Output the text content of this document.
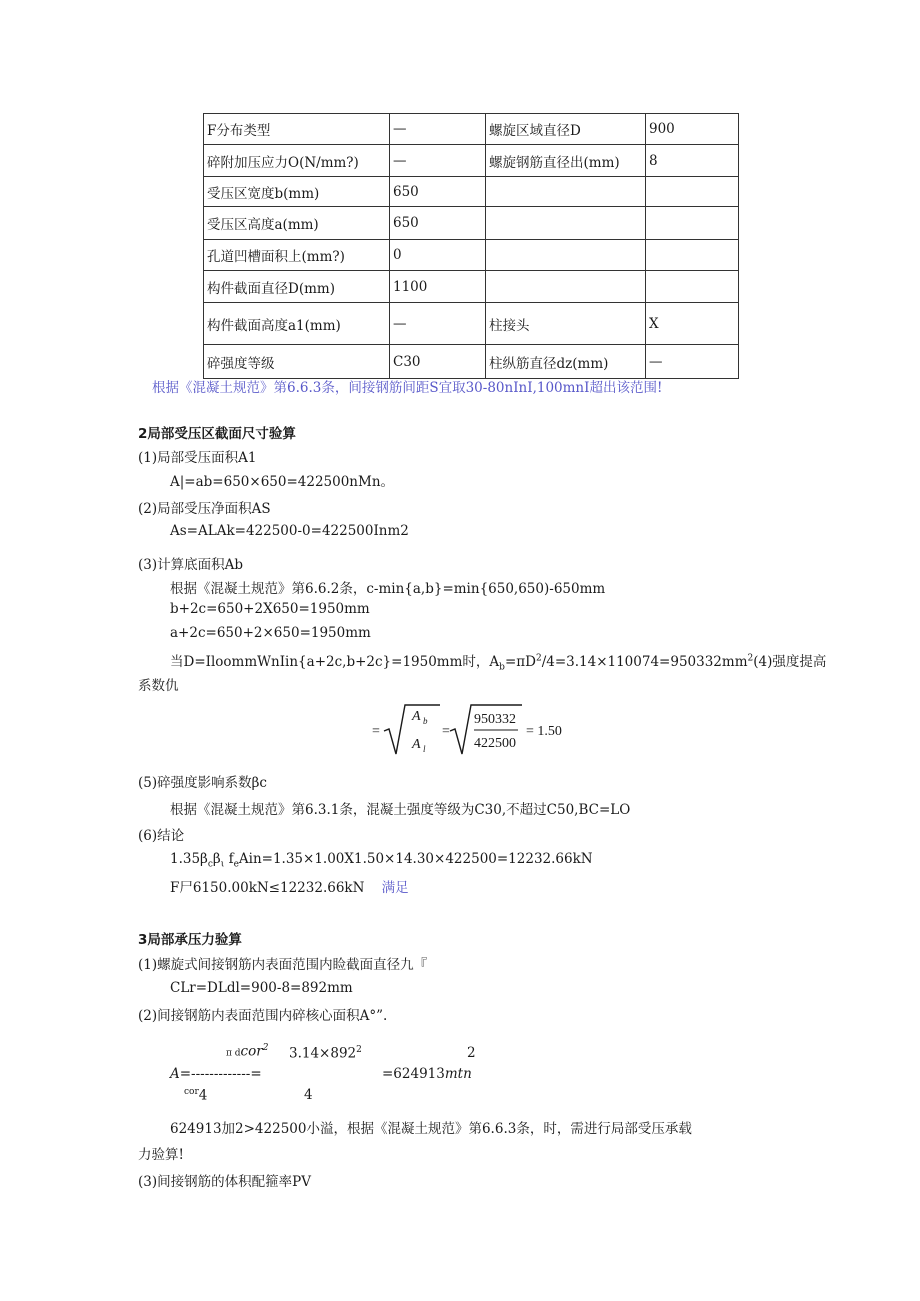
F分布类型	—	螺旋区域直径D	900
碎附加压应力O(N/mm?)	—	螺旋钢筋直径出(mm)	8
受压区宽度b(mm)	650		
受压区高度a(mm)	650		
孔道凹槽面积上(mm?)	0		
构件截面直径D(mm)	1100		
构件截面高度a1(mm)	—	柱接头	X
碎强度等级	C30	柱纵筋直径dz(mm)	—
根据《混凝土规范》第6.6.3条，间接钢筋间距S宜取30-80nInI,100mnI超出该范围!
2局部受压区截面尺寸验算
(1)局部受压面积A1
A|=ab=650×650=422500nMn。
(2)局部受压净面积AS
As=ALAk=422500-0=422500Inm2
(3)计算底面积Ab
根据《混凝土规范》第6.6.2条，c-min{a,b}=min{650,650)-650mm
b+2c=650+2X650=1950mm
a+2c=650+2×650=1950mm
当D=IloommWnIin{a+2c,b+2c}=1950mm时，$A_b=\pi D^2/4=3.14\times 110074=950332mm^2(4)$强度提高
系数仇
=
A b
A l
=
950332
422500
= 1.50
(5)碎强度影响系数βc
根据《混凝土规范》第6.3.1条，混凝土强度等级为C30,不超过C50,BC=LO
(6)结论
$1.35\beta_c\beta_\iota$ $f_eAin=1.35\times 1.00X1.50\times 14.30\times 422500=12232.66kN$
F尸6150.00kN≤12232.66kN 满足
3局部承压力验算
(1)螺旋式间接钢筋内表面范围内睑截面直径九『
CLr=DLdl=900-8=892mm
(2)间接钢筋内表面范围内碎核心面积A°”.
π dcor$^2$ $3.14\times 892^2$	2
A=-------------=	=624913mtn
$^{cor}$4	4
624913加2>422500小溢，根据《混凝土规范》第6.6.3条，时，需进行局部受压承载
力验算!
(3)间接钢筋的体积配箍率PV
